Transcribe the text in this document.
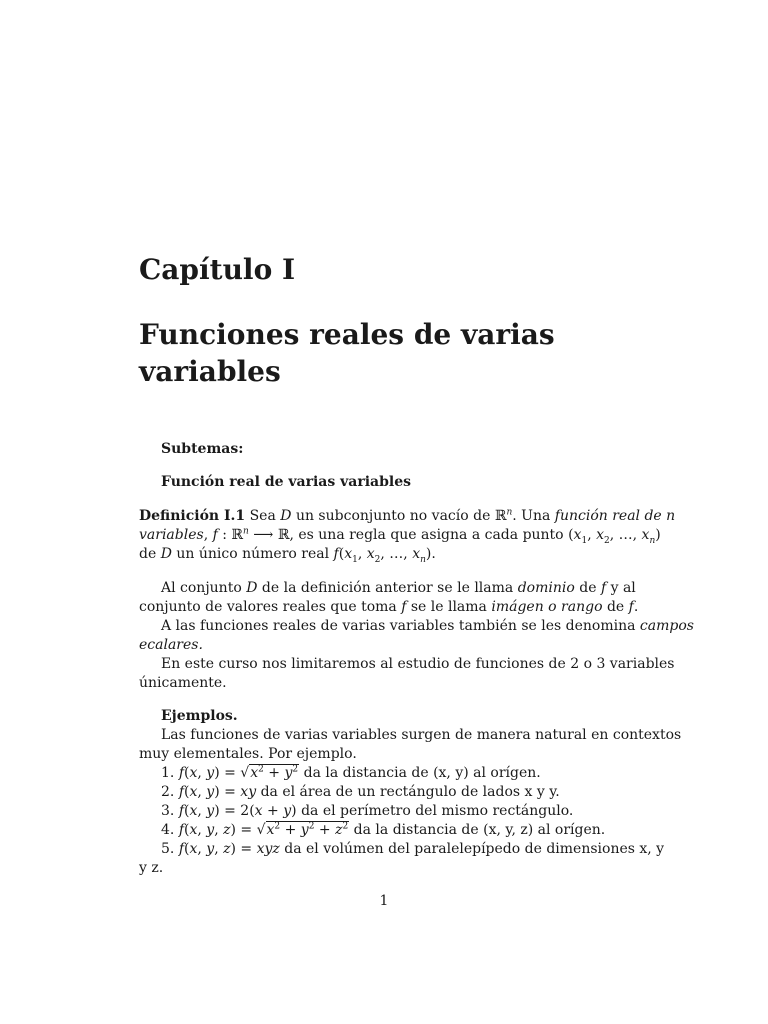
Capítulo I
Funciones reales de varias variables
Subtemas:
Función real de varias variables
Definición I.1 Sea D un subconjunto no vacío de ℝ$^n$. Una función real de n
variables, f : ℝ$^n$ ⟶ ℝ, es una regla que asigna a cada punto ($x_1$, $x_2$, …, $x_n$)
de D un único número real $f(x_1$, $x_2$, …, $x_n$).
Al conjunto D de la definición anterior se le llama dominio de f y al
conjunto de valores reales que toma f se le llama imágen o rango de f.
A las funciones reales de varias variables también se les denomina campos
ecalares.
En este curso nos limitaremos al estudio de funciones de 2 o 3 variables
únicamente.
Ejemplos.
Las funciones de varias variables surgen de manera natural en contextos
muy elementales. Por ejemplo.
1. f(x, $y) = √x^2 + y^2$ da la distancia de (x, y) al orígen.
2. f(x, y) = xy da el área de un rectángulo de lados x y y.
3. f(x, y) = 2(x + y) da el perímetro del mismo rectángulo.
4. f(x, y, $z) = √x^2 + y^2 + z^2$ da la distancia de (x, y, z) al orígen.
5. f(x, y, z) = xyz da el volúmen del paralelepípedo de dimensiones x, y
y z.
1
